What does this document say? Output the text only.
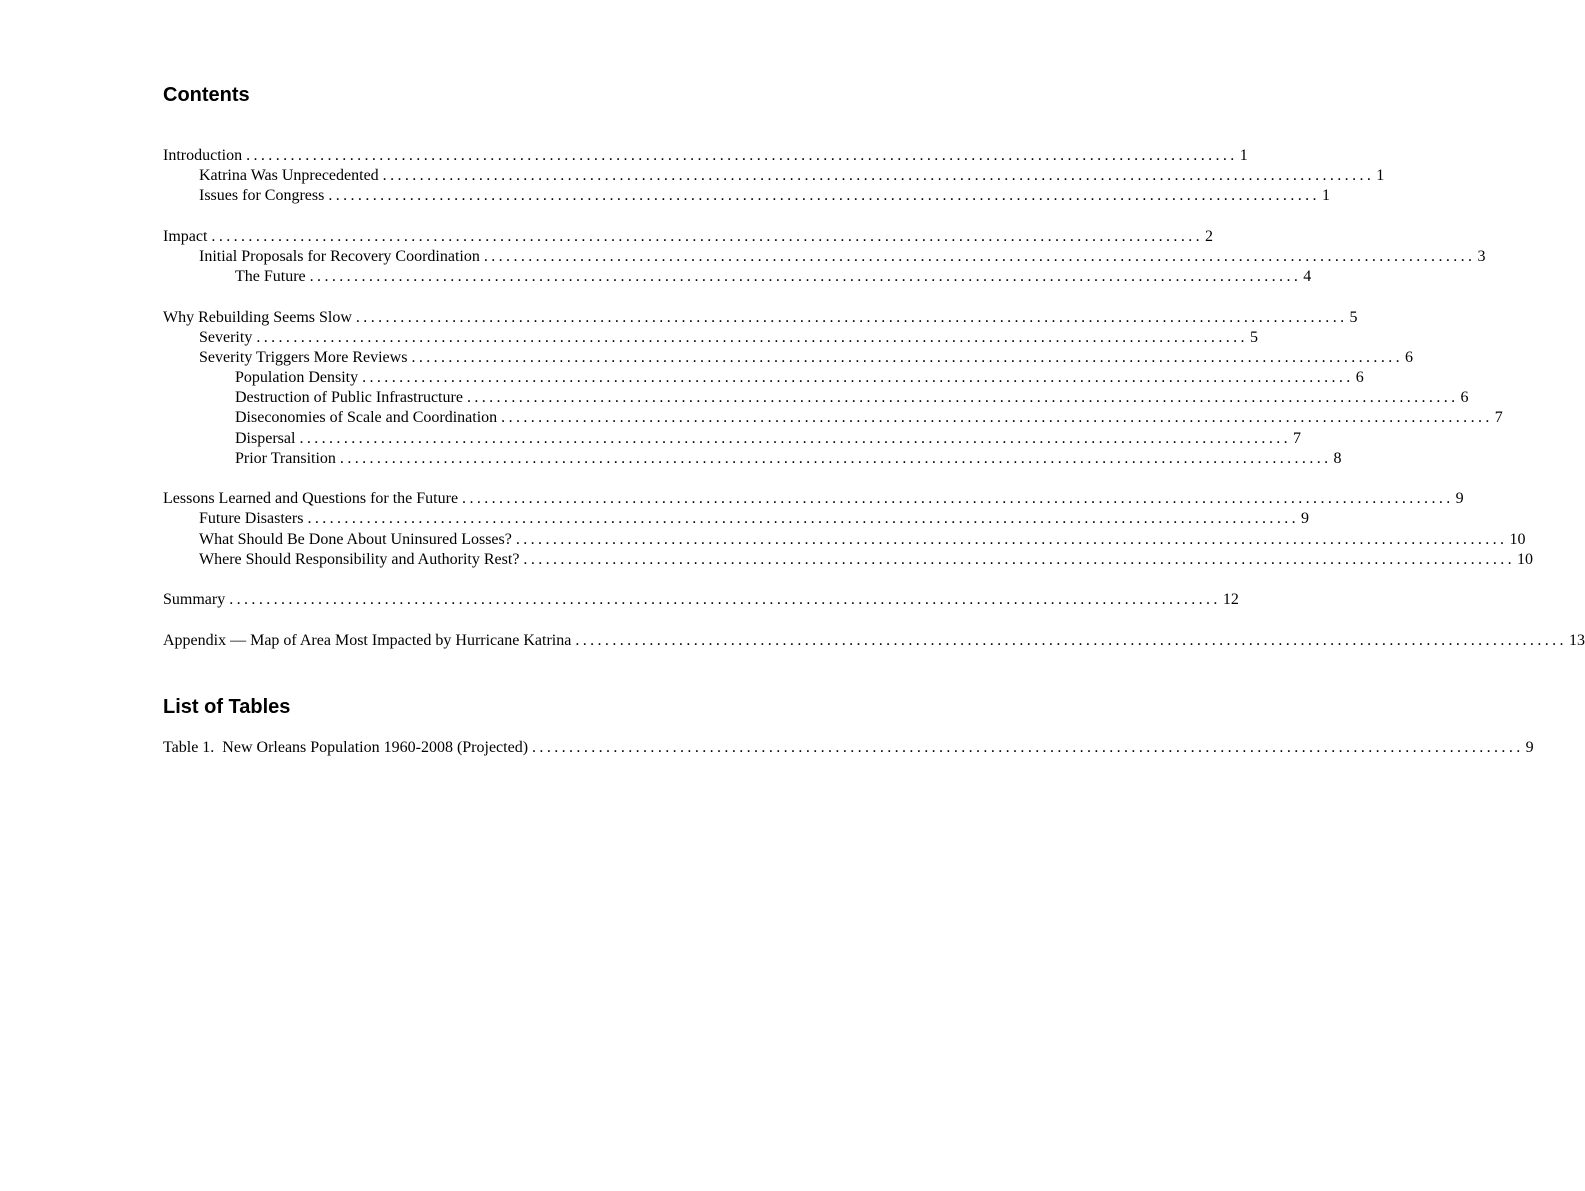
Contents
Introduction ...................................................................................................................................... 1
Katrina Was Unprecedented ...................................................................................................................................... 1
Issues for Congress ...................................................................................................................................... 1
Impact ...................................................................................................................................... 2
Initial Proposals for Recovery Coordination ...................................................................................................................................... 3
The Future ...................................................................................................................................... 4
Why Rebuilding Seems Slow ...................................................................................................................................... 5
Severity ...................................................................................................................................... 5
Severity Triggers More Reviews ...................................................................................................................................... 6
Population Density ...................................................................................................................................... 6
Destruction of Public Infrastructure ...................................................................................................................................... 6
Diseconomies of Scale and Coordination ...................................................................................................................................... 7
Dispersal ...................................................................................................................................... 7
Prior Transition ...................................................................................................................................... 8
Lessons Learned and Questions for the Future ...................................................................................................................................... 9
Future Disasters ...................................................................................................................................... 9
What Should Be Done About Uninsured Losses? ...................................................................................................................................... 10
Where Should Responsibility and Authority Rest? ...................................................................................................................................... 10
Summary ...................................................................................................................................... 12
Appendix — Map of Area Most Impacted by Hurricane Katrina ...................................................................................................................................... 13
List of Tables
Table 1.  New Orleans Population 1960-2008 (Projected) ...................................................................................................................................... 9
